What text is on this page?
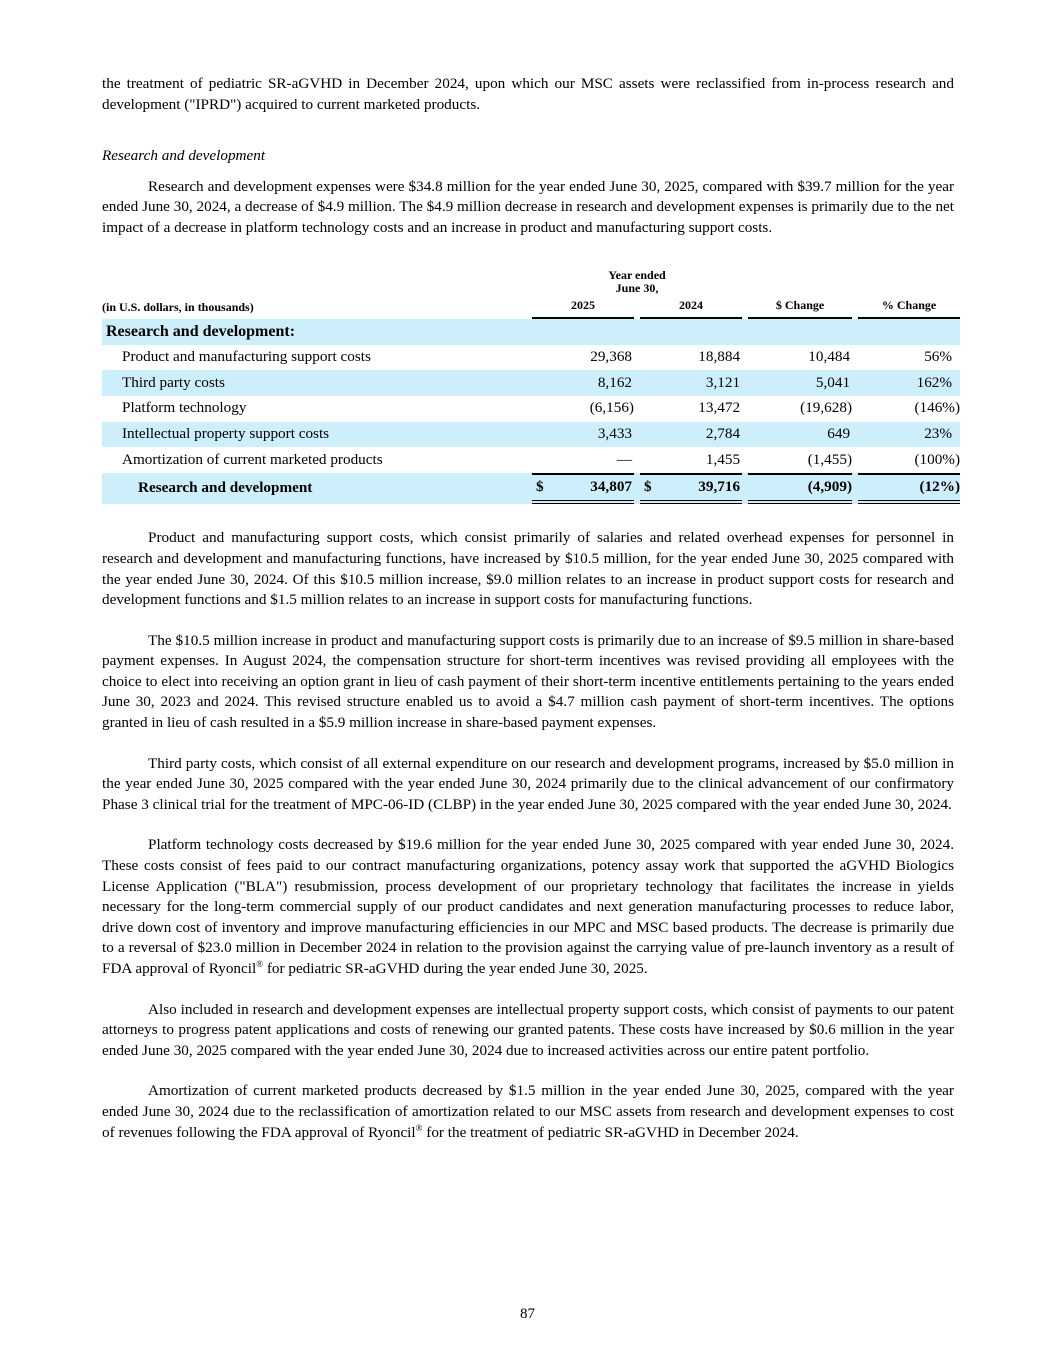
the treatment of pediatric SR-aGVHD in December 2024, upon which our MSC assets were reclassified from in-process research and development ("IPRD") acquired to current marketed products.

Research and development

Research and development expenses were $34.8 million for the year ended June 30, 2025, compared with $39.7 million for the year ended June 30, 2024, a decrease of $4.9 million. The $4.9 million decrease in research and development expenses is primarily due to the net impact of a decrease in platform technology costs and an increase in product and manufacturing support costs.

	Year ended
June 30,						

(in U.S. dollars, in thousands)	2025		2024		$ Change		% Change
Research and development:							
Product and manufacturing support costs	29,368		18,884		10,484		56%
Third party costs	8,162		3,121		5,041		162%
Platform technology	(6,156)		13,472		(19,628)		(146%)
Intellectual property support costs	3,433		2,784		649		23%
Amortization of current marketed products	—		1,455		(1,455)		(100%)
Research and development	$ 34,807		$ 39,716		(4,909)		(12%)

Product and manufacturing support costs, which consist primarily of salaries and related overhead expenses for personnel in research and development and manufacturing functions, have increased by $10.5 million, for the year ended June 30, 2025 compared with the year ended June 30, 2024. Of this $10.5 million increase, $9.0 million relates to an increase in product support costs for research and development functions and $1.5 million relates to an increase in support costs for manufacturing functions.

The $10.5 million increase in product and manufacturing support costs is primarily due to an increase of $9.5 million in share-based payment expenses. In August 2024, the compensation structure for short-term incentives was revised providing all employees with the choice to elect into receiving an option grant in lieu of cash payment of their short-term incentive entitlements pertaining to the years ended June 30, 2023 and 2024. This revised structure enabled us to avoid a $4.7 million cash payment of short-term incentives. The options granted in lieu of cash resulted in a $5.9 million increase in share-based payment expenses.

Third party costs, which consist of all external expenditure on our research and development programs, increased by $5.0 million in the year ended June 30, 2025 compared with the year ended June 30, 2024 primarily due to the clinical advancement of our confirmatory Phase 3 clinical trial for the treatment of MPC-06-ID (CLBP) in the year ended June 30, 2025 compared with the year ended June 30, 2024.

Platform technology costs decreased by $19.6 million for the year ended June 30, 2025 compared with year ended June 30, 2024. These costs consist of fees paid to our contract manufacturing organizations, potency assay work that supported the aGVHD Biologics License Application ("BLA") resubmission, process development of our proprietary technology that facilitates the increase in yields necessary for the long-term commercial supply of our product candidates and next generation manufacturing processes to reduce labor, drive down cost of inventory and improve manufacturing efficiencies in our MPC and MSC based products. The decrease is primarily due to a reversal of $23.0 million in December 2024 in relation to the provision against the carrying value of pre-launch inventory as a result of FDA approval of Ryoncil® for pediatric SR-aGVHD during the year ended June 30, 2025.

Also included in research and development expenses are intellectual property support costs, which consist of payments to our patent attorneys to progress patent applications and costs of renewing our granted patents. These costs have increased by $0.6 million in the year ended June 30, 2025 compared with the year ended June 30, 2024 due to increased activities across our entire patent portfolio.

Amortization of current marketed products decreased by $1.5 million in the year ended June 30, 2025, compared with the year ended June 30, 2024 due to the reclassification of amortization related to our MSC assets from research and development expenses to cost of revenues following the FDA approval of Ryoncil® for the treatment of pediatric SR-aGVHD in December 2024.

87
